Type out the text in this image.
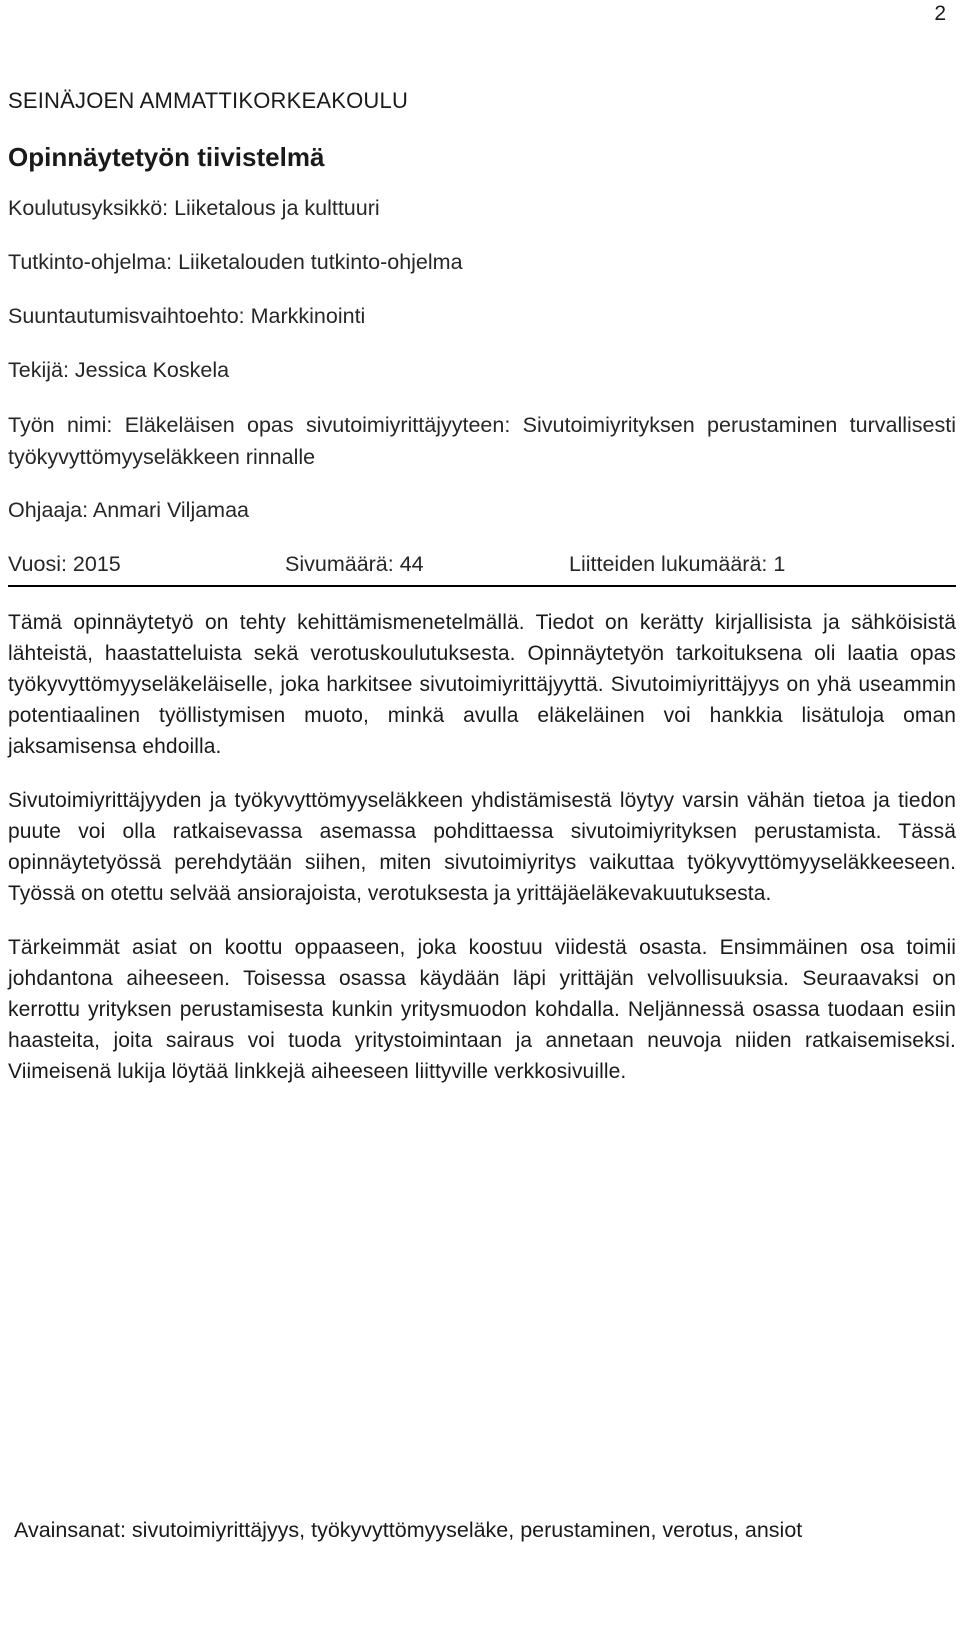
2
SEINÄJOEN AMMATTIKORKEAKOULU
Opinnäytetyön tiivistelmä
Koulutusyksikkö: Liiketalous ja kulttuuri
Tutkinto-ohjelma: Liiketalouden tutkinto-ohjelma
Suuntautumisvaihtoehto: Markkinointi
Tekijä: Jessica Koskela
Työn nimi: Eläkeläisen opas sivutoimiyrittäjyyteen: Sivutoimiyrityksen perustaminen turvallisesti työkyvyttömyyseläkkeen rinnalle
Ohjaaja: Anmari Viljamaa
Vuosi: 2015	Sivumäärä: 44	Liitteiden lukumäärä: 1

Tämä opinnäytetyö on tehty kehittämismenetelmällä. Tiedot on kerätty kirjallisista ja sähköisistä lähteistä, haastatteluista sekä verotuskoulutuksesta. Opinnäytetyön tarkoituksena oli laatia opas työkyvyttömyyseläkeläiselle, joka harkitsee sivutoimiyrittäjyyttä. Sivutoimiyrittäjyys on yhä useammin potentiaalinen työllistymisen muoto, minkä avulla eläkeläinen voi hankkia lisätuloja oman jaksamisensa ehdoilla.

Sivutoimiyrittäjyyden ja työkyvyttömyyseläkkeen yhdistämisestä löytyy varsin vähän tietoa ja tiedon puute voi olla ratkaisevassa asemassa pohdittaessa sivutoimiyrityksen perustamista. Tässä opinnäytetyössä perehdytään siihen, miten sivutoimiyritys vaikuttaa työkyvyttömyyseläkkeeseen. Työssä on otettu selvää ansiorajoista, verotuksesta ja yrittäjäeläkevakuutuksesta.

Tärkeimmät asiat on koottu oppaaseen, joka koostuu viidestä osasta. Ensimmäinen osa toimii johdantona aiheeseen. Toisessa osassa käydään läpi yrittäjän velvollisuuksia. Seuraavaksi on kerrottu yrityksen perustamisesta kunkin yritysmuodon kohdalla. Neljännessä osassa tuodaan esiin haasteita, joita sairaus voi tuoda yritystoimintaan ja annetaan neuvoja niiden ratkaisemiseksi. Viimeisenä lukija löytää linkkejä aiheeseen liittyville verkkosivuille.

Avainsanat: sivutoimiyrittäjyys, työkyvyttömyyseläke, perustaminen, verotus, ansiot
